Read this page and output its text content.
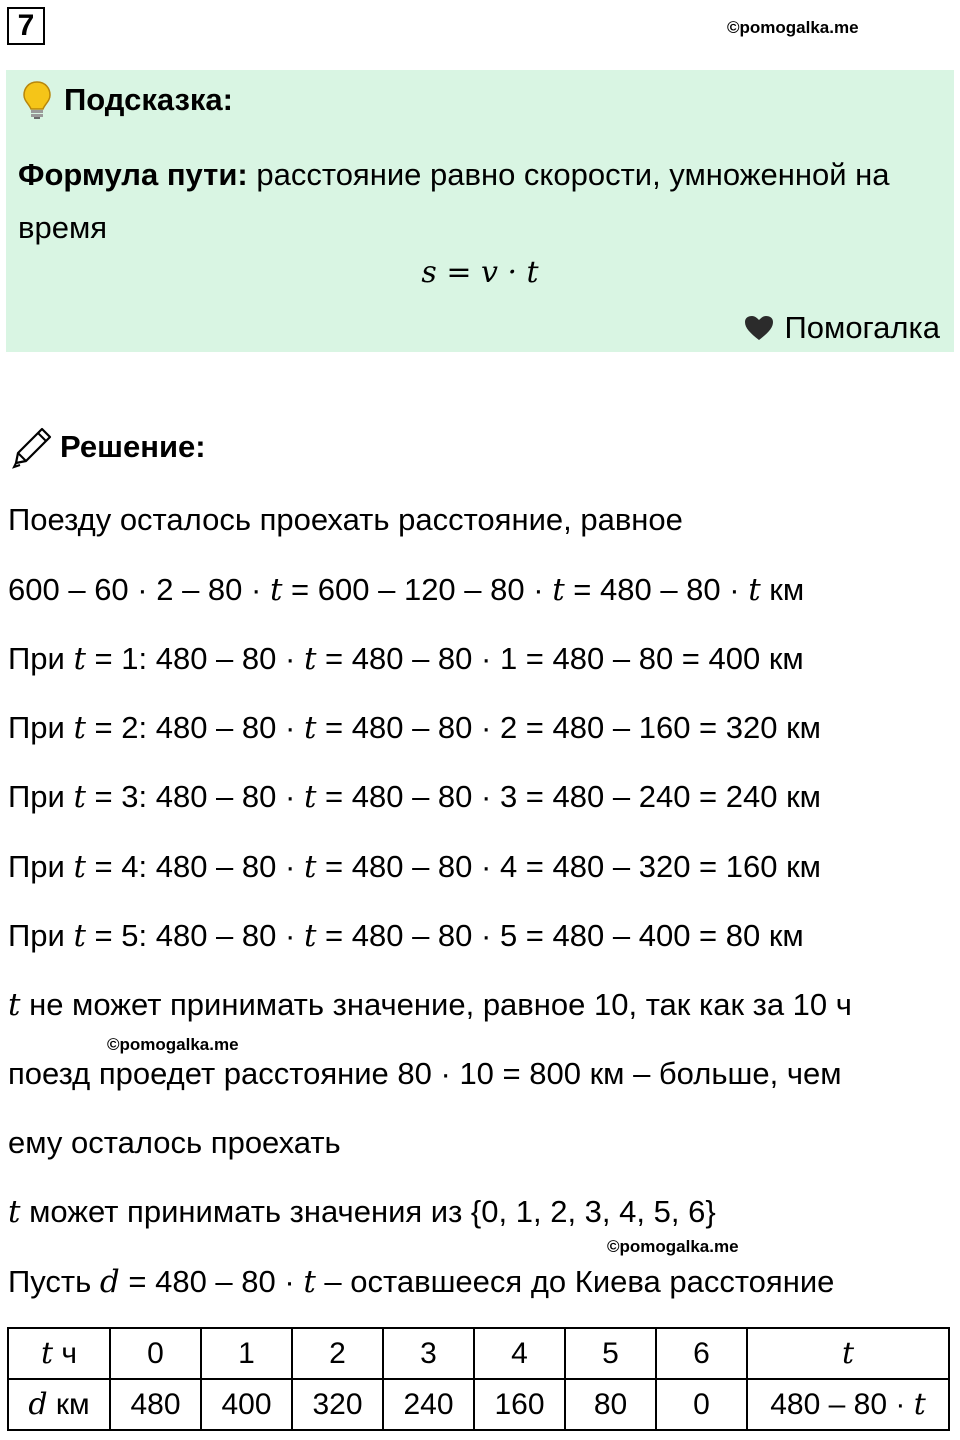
7	©pomogalka.me
Подсказка:
Формула пути: расстояние равно скорости, умноженной на время
s = v · t
Помогалка
Решение:
Поезду осталось проехать расстояние, равное
600 – 60 · 2 – 80 · t = 600 – 120 – 80 · t = 480 – 80 · t км
При t = 1: 480 – 80 · t = 480 – 80 · 1 = 480 – 80 = 400 км
При t = 2: 480 – 80 · t = 480 – 80 · 2 = 480 – 160 = 320 км
При t = 3: 480 – 80 · t = 480 – 80 · 3 = 480 – 240 = 240 км
При t = 4: 480 – 80 · t = 480 – 80 · 4 = 480 – 320 = 160 км
При t = 5: 480 – 80 · t = 480 – 80 · 5 = 480 – 400 = 80 км
t не может принимать значение, равное 10, так как за 10 ч
©pomogalka.me
поезд проедет расстояние 80 · 10 = 800 км – больше, чем
ему осталось проехать
t может принимать значения из {0, 1, 2, 3, 4, 5, 6}
©pomogalka.me
Пусть d = 480 – 80 · t – оставшееся до Киева расстояние
t ч	0	1	2	3	4	5	6	t
d км	480	400	320	240	160	80	0	480 – 80 · t
